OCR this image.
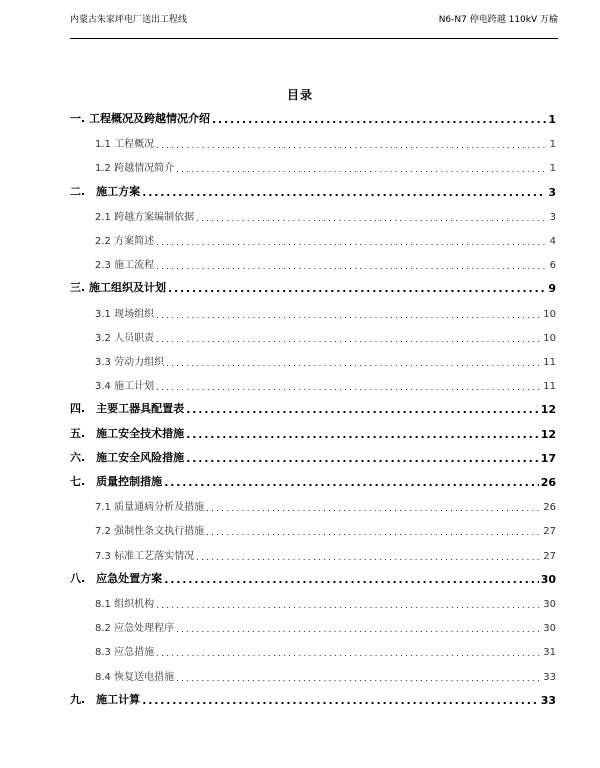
内蒙古朱家坪电厂送出工程线	N6-N7 停电跨越 110kV 万榆
目录
一. 工程概况及跨越情况介绍 . . .	1
1.1 工程概况 . . .	1
1.2 跨越情况简介 . . .	1
二.　施工方案 . . .	3
2.1 跨越方案编制依据 . . .	3
2.2 方案简述 . . .	4
2.3 施工流程 . . .	6
三. 施工组织及计划 . . .	9
3.1 现场组织 . . .	10
3.2 人员职责 . . .	10
3.3 劳动力组织 . . .	11
3.4 施工计划 . . .	11
四.　主要工器具配置表 . . .	12
五.　施工安全技术措施 . . .	12
六.　施工安全风险措施 . . .	17
七.　质量控制措施 . . .	26
7.1 质量通病分析及措施 . . .	26
7.2 强制性条文执行措施 . . .	27
7.3 标准工艺落实情况 . . .	27
八.　应急处置方案 . . .	30
8.1 组织机构 . . .	30
8.2 应急处理程序 . . .	30
8.3 应急措施 . . .	31
8.4 恢复送电措施 . . .	33
九.　施工计算 . . .	33
